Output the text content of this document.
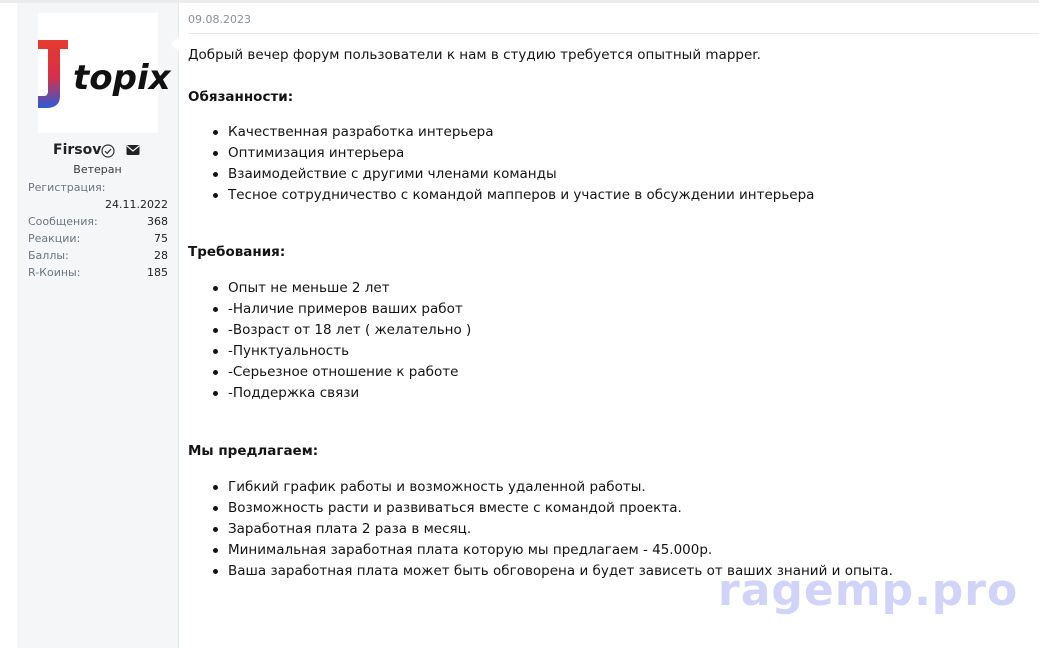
topix
Firsov
Ветеран
Регистрация:
24.11.2022
Сообщения:	368
Реакции:	75
Баллы:	28
R-Коины:	185
09.08.2023
Добрый вечер форум пользователи к нам в студию требуется опытный mapper.
Обязанности:
Качественная разработка интерьера
Оптимизация интерьера
Взаимодействие с другими членами команды
Тесное сотрудничество с командой мапперов и участие в обсуждении интерьера
Требования:
Опыт не меньше 2 лет
-Наличие примеров ваших работ
-Возраст от 18 лет ( желательно )
-Пунктуальность
-Серьезное отношение к работе
-Поддержка связи
Мы предлагаем:
Гибкий график работы и возможность удаленной работы.
Возможность расти и развиваться вместе с командой проекта.
Заработная плата 2 раза в месяц.
Минимальная заработная плата которую мы предлагаем - 45.000р.
Ваша заработная плата может быть обговорена и будет зависеть от ваших знаний и опыта.
ragemp.pro
